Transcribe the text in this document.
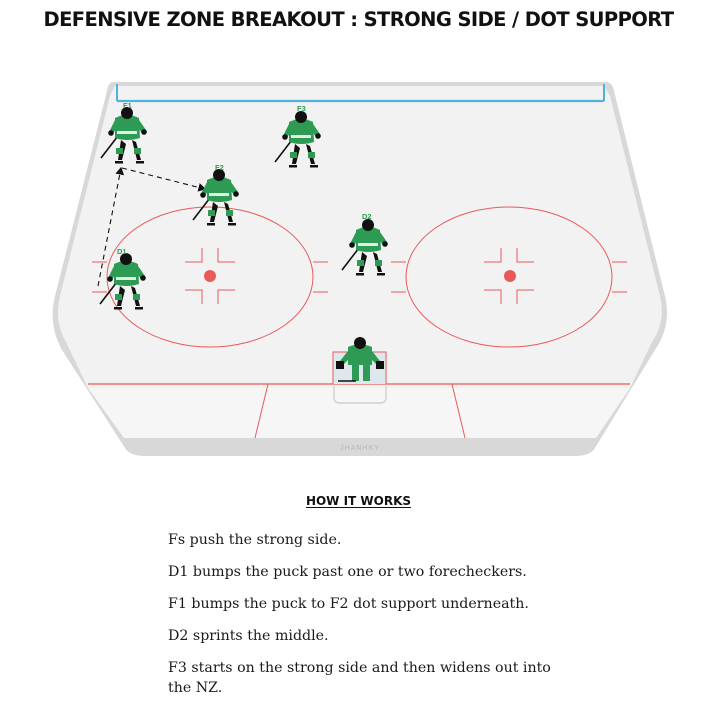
DEFENSIVE ZONE BREAKOUT : STRONG SIDE / DOT SUPPORT
JHANHKY
F1	F3
F2
D2
D1
HOW IT WORKS

Fs push the strong side.

D1 bumps the puck past one or two forecheckers.

F1 bumps the puck to F2 dot support underneath.

D2 sprints the middle.

F3 starts on the strong side and then widens out into the NZ.
